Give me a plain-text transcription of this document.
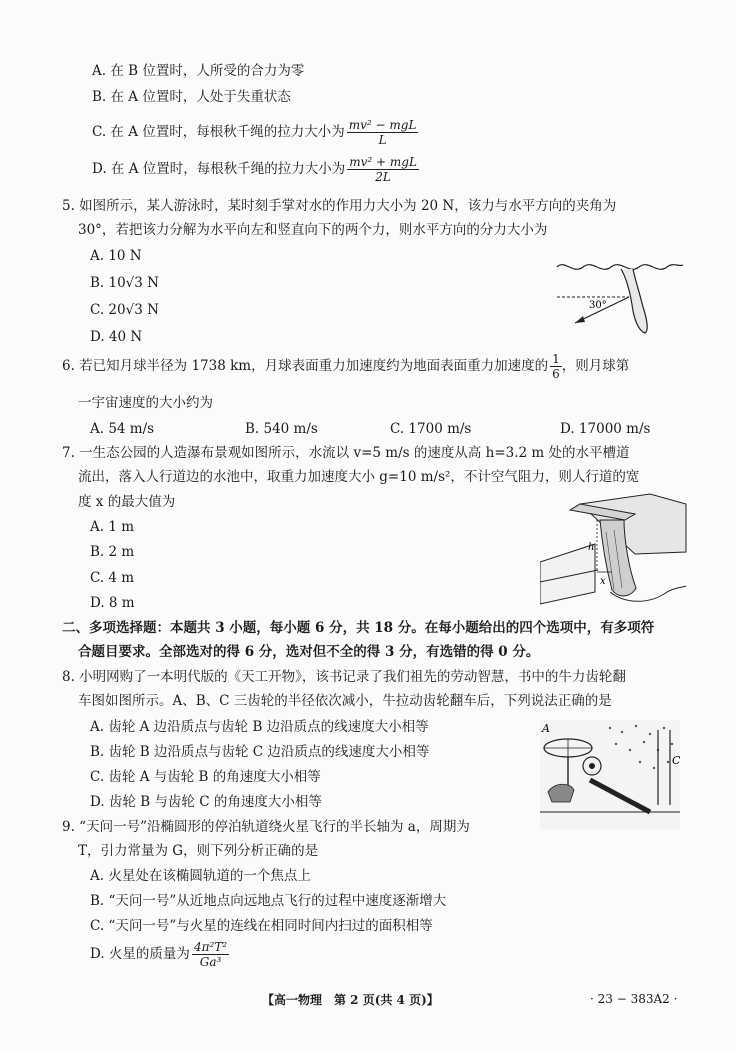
A. 在 B 位置时，人所受的合力为零
B. 在 A 位置时，人处于失重状态
C. 在 A 位置时，每根秋千绳的拉力大小为 $\frac{\text{mv² − mgL}}{L}$
D. 在 A 位置时，每根秋千绳的拉力大小为 $\frac{\text{mv² + mgL}}{2L}$
5. 如图所示，某人游泳时，某时刻手掌对水的作用力大小为 20 N，该力与水平方向的夹角为
30°，若把该力分解为水平向左和竖直向下的两个力，则水平方向的分力大小为
A. 10 N
B. 10√3 N
C. 20√3 N
D. 40 N
30°
6. 若已知月球半径为 1738 km，月球表面重力加速度约为地面表面重力加速度的 $\frac{1}{6}$ ，则月球第
一宇宙速度的大小约为
A. 54 m/s	B. 540 m/s	C. 1700 m/s	D. 17000 m/s
7. 一生态公园的人造瀑布景观如图所示，水流以 v=5 m/s 的速度从高 h=3.2 m 处的水平槽道
流出，落入人行道边的水池中，取重力加速度大小 g=10 m/s²，不计空气阻力，则人行道的宽
度 x 的最大值为
A. 1 m
B. 2 m
C. 4 m
D. 8 m
h
x
二、多项选择题：本题共 3 小题，每小题 6 分，共 18 分。在每小题给出的四个选项中，有多项符
合题目要求。全部选对的得 6 分，选对但不全的得 3 分，有选错的得 0 分。
8. 小明网购了一本明代版的《天工开物》，该书记录了我们祖先的劳动智慧，书中的牛力齿轮翻
车图如图所示。A、B、C 三齿轮的半径依次减小，牛拉动齿轮翻车后，下列说法正确的是
A. 齿轮 A 边沿质点与齿轮 B 边沿质点的线速度大小相等
B. 齿轮 B 边沿质点与齿轮 C 边沿质点的线速度大小相等
C. 齿轮 A 与齿轮 B 的角速度大小相等
D. 齿轮 B 与齿轮 C 的角速度大小相等
A
C
9. “天问一号”沿椭圆形的停泊轨道绕火星飞行的半长轴为 a，周期为
T，引力常量为 G，则下列分析正确的是
A. 火星处在该椭圆轨道的一个焦点上
B. “天问一号”从近地点向远地点飞行的过程中速度逐渐增大
C. “天问一号”与火星的连线在相同时间内扫过的面积相等
D. 火星的质量为 $\frac{\text{4π²T²}}{\text{Ga³}}$
【高一物理　第 2 页(共 4 页)】	· 23 − 383A2 ·
